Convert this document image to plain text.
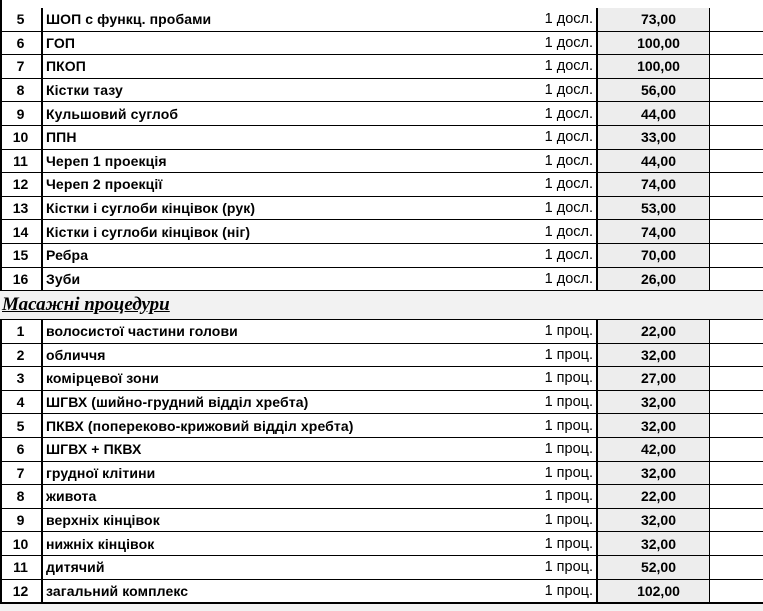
5	ШОП с функц. пробами	1 досл.	73,00
6	ГОП	1 досл.	100,00
7	ПКОП	1 досл.	100,00
8	Кістки тазу	1 досл.	56,00
9	Кульшовий суглоб	1 досл.	44,00
10	ППН	1 досл.	33,00
11	Череп 1 проекція	1 досл.	44,00
12	Череп 2 проекції	1 досл.	74,00
13	Кістки і суглоби кінцівок (рук)	1 досл.	53,00
14	Кістки і суглоби кінцівок (ніг)	1 досл.	74,00
15	Ребра	1 досл.	70,00
16	Зуби	1 досл.	26,00
Масажні процедури
1	волосистої частини голови	1 проц.	22,00
2	обличчя	1 проц.	32,00
3	комірцевої зони	1 проц.	27,00
4	ШГВХ (шийно-грудний відділ хребта)	1 проц.	32,00
5	ПКВХ (попереково-крижовий відділ хребта)	1 проц.	32,00
6	ШГВХ + ПКВХ	1 проц.	42,00
7	грудної клітини	1 проц.	32,00
8	живота	1 проц.	22,00
9	верхніх кінцівок	1 проц.	32,00
10	нижніх кінцівок	1 проц.	32,00
11	дитячий	1 проц.	52,00
12	загальний комплекс	1 проц.	102,00
